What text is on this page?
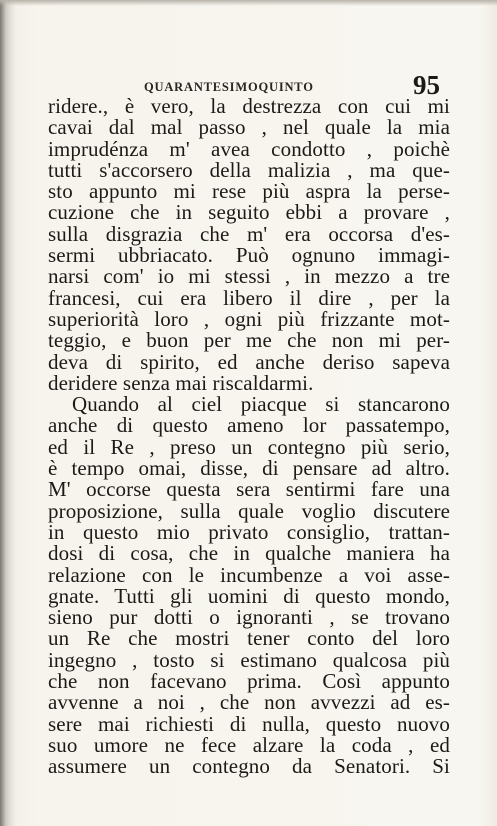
QUARANTESIMOQUINTO	95
ridere., è vero, la destrezza con cui mi
cavai dal mal passo , nel quale la mia
imprudénza m' avea condotto , poichè
tutti s'accorsero della malizia , ma que-
sto appunto mi rese più aspra la perse-
cuzione che in seguito ebbi a provare ,
sulla disgrazia che m' era occorsa d'es-
sermi ubbriacato. Può ognuno immagi-
narsi com' io mi stessi , in mezzo a tre
francesi, cui era libero il dire , per la
superiorità loro , ogni più frizzante mot-
teggio, e buon per me che non mi per-
deva di spirito, ed anche deriso sapeva
deridere senza mai riscaldarmi.
Quando al ciel piacque si stancarono
anche di questo ameno lor passatempo,
ed il Re , preso un contegno più serio,
è tempo omai, disse, di pensare ad altro.
M' occorse questa sera sentirmi fare una
proposizione, sulla quale voglio discutere
in questo mio privato consiglio, trattan-
dosi di cosa, che in qualche maniera ha
relazione con le incumbenze a voi asse-
gnate. Tutti gli uomini di questo mondo,
sieno pur dotti o ignoranti , se trovano
un Re che mostri tener conto del loro
ingegno , tosto si estimano qualcosa più
che non facevano prima. Così appunto
avvenne a noi , che non avvezzi ad es-
sere mai richiesti di nulla, questo nuovo
suo umore ne fece alzare la coda , ed
assumere un contegno da Senatori. Si
